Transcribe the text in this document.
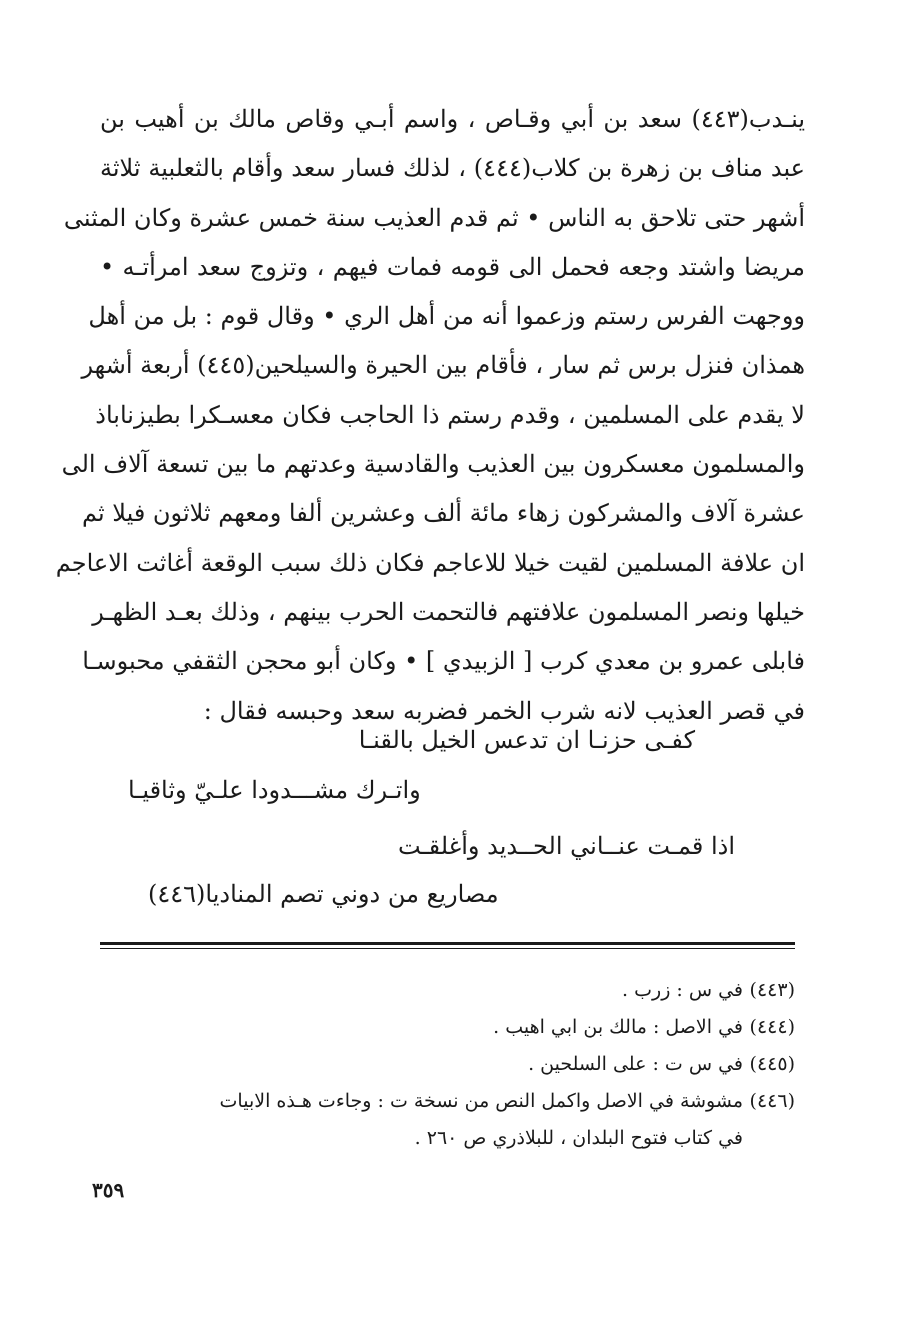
ينـدب(٤٤٣) سعد بن أبي وقـاص ، واسم أبـي وقاص مالك بن أهيب بن
عبد مناف بن زهرة بن كلاب(٤٤٤) ، لذلك فسار سعد وأقام بالثعلبية ثلاثة
أشهر حتى تلاحق به الناس • ثم قدم العذيب سنة خمس عشرة وكان المثنى
مريضا واشتد وجعه فحمل الى قومه فمات فيهم ، وتزوج سعد امرأتـه •
ووجهت الفرس رستم وزعموا أنه من أهل الري • وقال قوم : بل من أهل
همذان فنزل برس ثم سار ، فأقام بين الحيرة والسيلحين(٤٤٥) أربعة أشهر
لا يقدم على المسلمين ، وقدم رستم ذا الحاجب فكان معسـكرا بطيزناباذ
والمسلمون معسكرون بين العذيب والقادسية وعدتهم ما بين تسعة آلاف الى
عشرة آلاف والمشركون زهاء مائة ألف وعشرين ألفا ومعهم ثلاثون فيلا ثم
ان علافة المسلمين لقيت خيلا للاعاجم فكان ذلك سبب الوقعة أغاثت الاعاجم
خيلها ونصر المسلمون علافتهم فالتحمت الحرب بينهم ، وذلك بعـد الظهـر
فابلى عمرو بن معدي كرب [ الزبيدي ] • وكان أبو محجن الثقفي محبوسـا
في قصر العذيب لانه شرب الخمر فضربه سعد وحبسه فقال :
كفـى حزنـا ان تدعس الخيل بالقنـا
واتـرك مشـــدودا علـيّ وثاقيـا
اذا قمـت عنــاني الحــديد وأغلقـت
مصاريع من دوني تصم المناديا(٤٤٦)
(٤٤٣)في س : زرب .
(٤٤٤)في الاصل : مالك بن ابي اهيب .
(٤٤٥)في س ت : على السلحين .
(٤٤٦)مشوشة في الاصل واكمل النص من نسخة ت : وجاءت هـذه الابيات
في كتاب فتوح البلدان ، للبلاذري ص ٢٦٠ .
٣٥٩
